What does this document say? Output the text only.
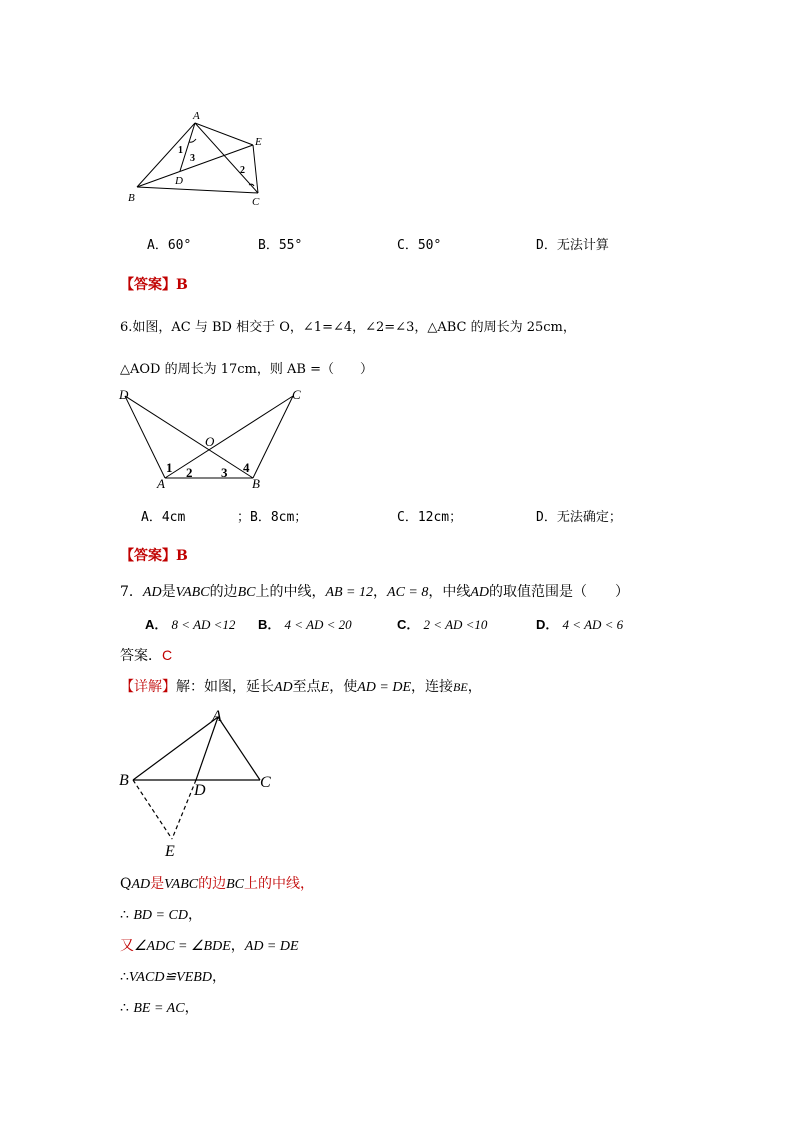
A
B	C
D
E
1
2
3
A．60°	B．55°	C．50°	D．无法计算
【答案】B
6.如图，AC 与 BD 相交于 O，∠1=∠4，∠2=∠3，△ABC 的周长为 25cm，
△AOD 的周长为 17cm，则 AB =（　　）
D	C
O
A	B
1 2 3 4
A．4cm	；B．8cm；	C．12cm；	D．无法确定；
【答案】B
7．AD是VABC的边BC上的中线，AB = 12，AC = 8，中线AD的取值范围是（　　）
A． 8 < AD <12 B． 4 < AD < 20	C． 2 < AD <10	D． 4 < AD < 6
答案．C
【详解】解：如图，延长AD至点E，使AD = DE，连接BE，
A
B	C
D
E
QAD是VABC的边BC上的中线，
∴ BD = CD，
又∠ADC = ∠BDE，AD = DE
∴VACD≌VEBD，
∴ BE = AC，
